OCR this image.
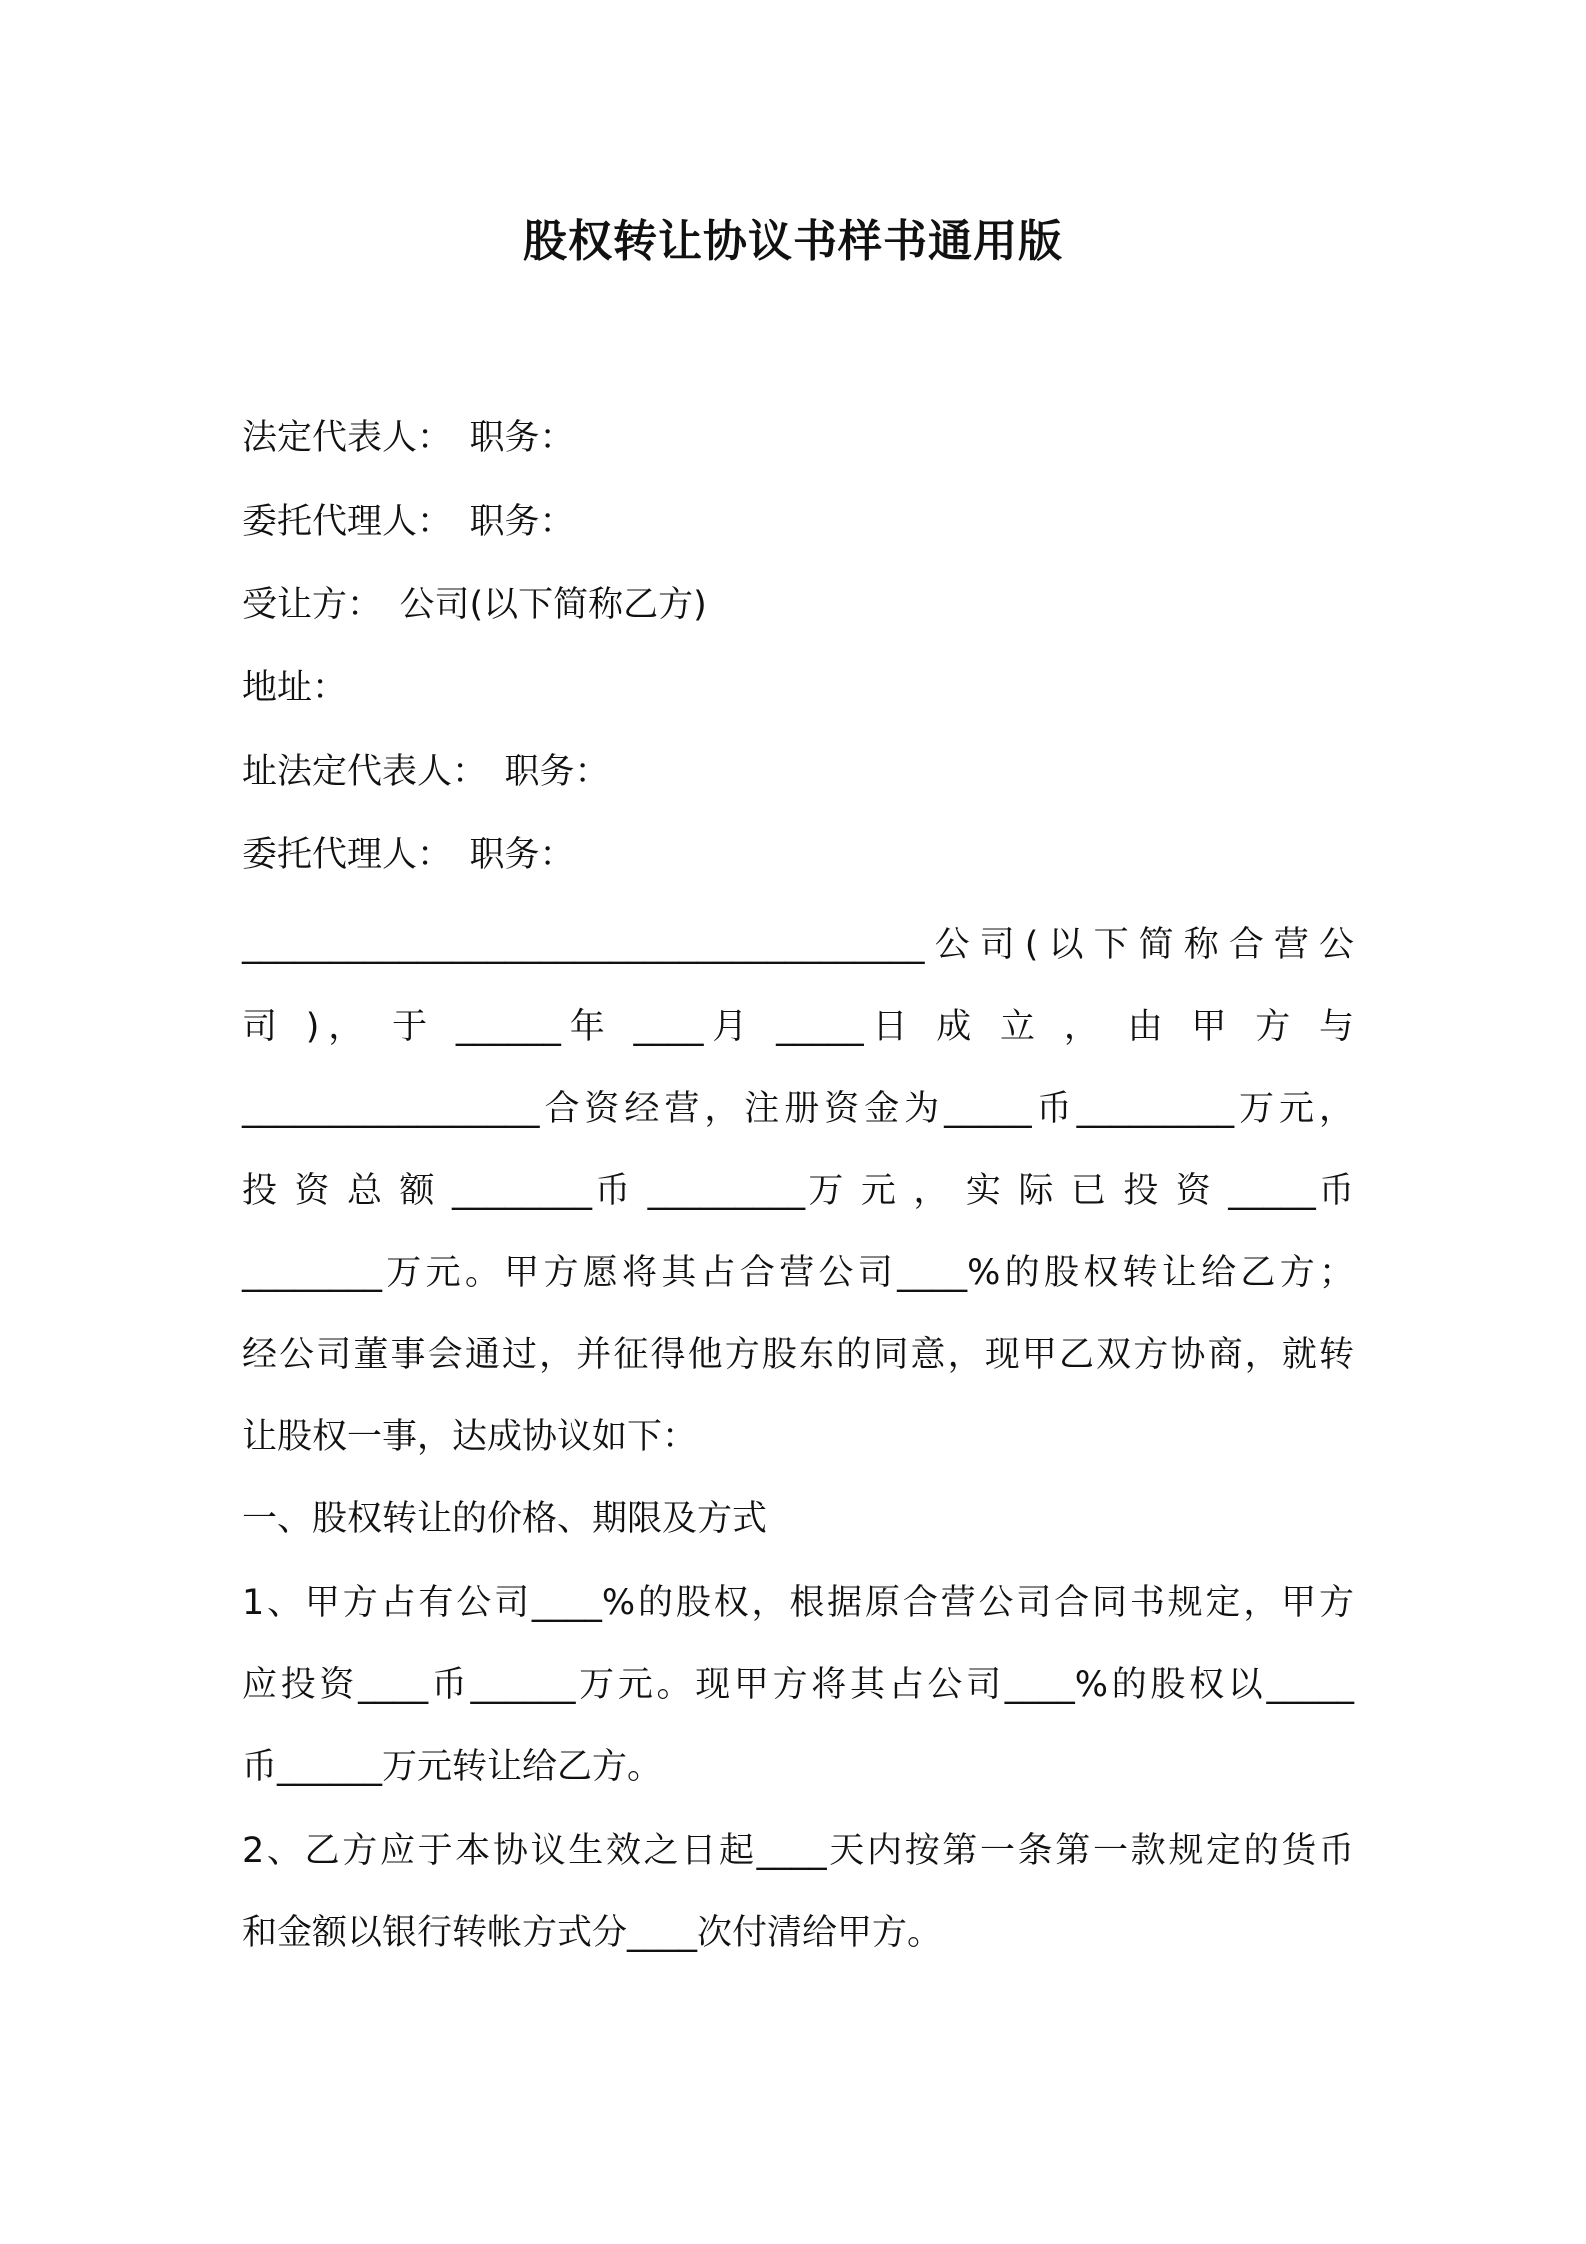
股权转让协议书样书通用版

法定代表人：　职务：

委托代理人：　职务：

受让方：　公司(以下简称乙方)

地址：

址法定代表人：　职务：

委托代理人：　职务：

_______________________________________公司(以下简称合营公

司 )， 于 ______年 ____月 _____日 成 立 ， 由 甲 方 与

_________________合资经营，注册资金为_____币_________万元，

投 资 总 额 ________币 _________万 元 ， 实 际 已 投 资 _____币

________万元。甲方愿将其占合营公司____%的股权转让给乙方；

经公司董事会通过，并征得他方股东的同意，现甲乙双方协商，就转

让股权一事，达成协议如下：

一、股权转让的价格、期限及方式

1、甲方占有公司____%的股权，根据原合营公司合同书规定，甲方

应投资____币______万元。现甲方将其占公司____%的股权以_____

币______万元转让给乙方。

2、乙方应于本协议生效之日起____天内按第一条第一款规定的货币

和金额以银行转帐方式分____次付清给甲方。
